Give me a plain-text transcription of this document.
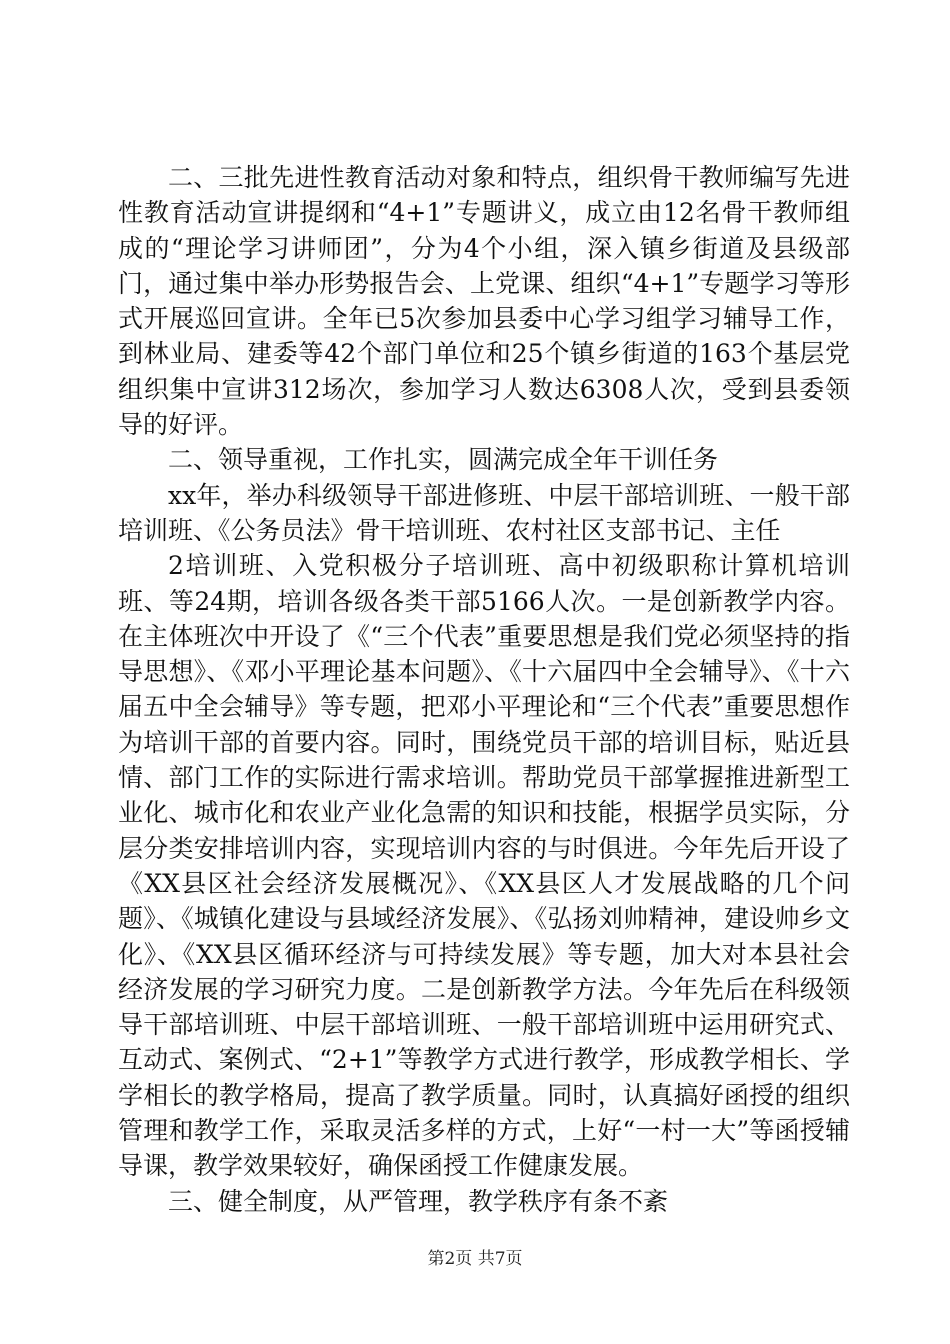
二、三批先进性教育活动对象和特点，组织骨干教师编写先进性教育活动宣讲提纲和“4+1”专题讲义，成立由12名骨干教师组成的“理论学习讲师团”，分为4个小组，深入镇乡街道及县级部门，通过集中举办形势报告会、上党课、组织“4+1”专题学习等形式开展巡回宣讲。全年已5次参加县委中心学习组学习辅导工作，到林业局、建委等42个部门单位和25个镇乡街道的163个基层党组织集中宣讲312场次，参加学习人数达6308人次，受到县委领导的好评。

二、领导重视，工作扎实，圆满完成全年干训任务

xx年，举办科级领导干部进修班、中层干部培训班、一般干部培训班、《公务员法》骨干培训班、农村社区支部书记、主任

2培训班、入党积极分子培训班、高中初级职称计算机培训班、等24期，培训各级各类干部5166人次。一是创新教学内容。在主体班次中开设了《“三个代表”重要思想是我们党必须坚持的指导思想》、《邓小平理论基本问题》、《十六届四中全会辅导》、《十六届五中全会辅导》等专题，把邓小平理论和“三个代表”重要思想作为培训干部的首要内容。同时，围绕党员干部的培训目标，贴近县情、部门工作的实际进行需求培训。帮助党员干部掌握推进新型工业化、城市化和农业产业化急需的知识和技能，根据学员实际，分层分类安排培训内容，实现培训内容的与时俱进。今年先后开设了《XX县区社会经济发展概况》、《XX县区人才发展战略的几个问题》、《城镇化建设与县域经济发展》、《弘扬刘帅精神，建设帅乡文化》、《XX县区循环经济与可持续发展》等专题，加大对本县社会经济发展的学习研究力度。二是创新教学方法。今年先后在科级领导干部培训班、中层干部培训班、一般干部培训班中运用研究式、互动式、案例式、“2+1”等教学方式进行教学，形成教学相长、学学相长的教学格局，提高了教学质量。同时，认真搞好函授的组织管理和教学工作，采取灵活多样的方式，上好“一村一大”等函授辅导课，教学效果较好，确保函授工作健康发展。

三、健全制度，从严管理，教学秩序有条不紊

第2页 共7页
